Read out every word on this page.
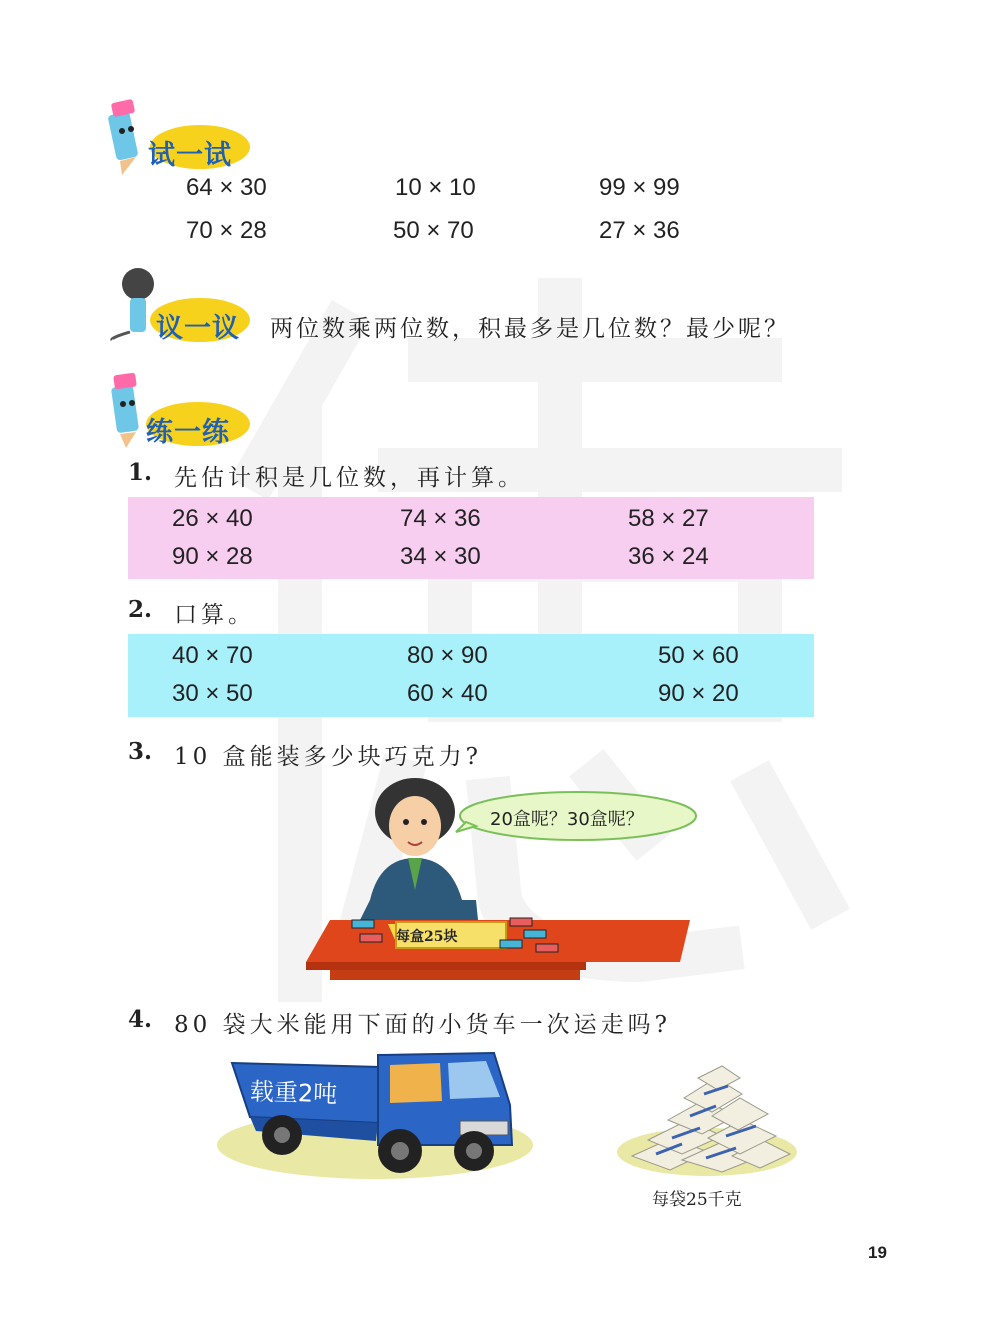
试一试
64 × 30	10 × 10	99 × 99
70 × 28	50 × 70	27 × 36
议一议 两位数乘两位数，积最多是几位数？最少呢？
练一练
1. 先估计积是几位数，再计算。
26 × 40	74 × 36	58 × 27
90 × 28	34 × 30	36 × 24
2. 口算。
40 × 70	80 × 90	50 × 60
30 × 50	60 × 40	90 × 20
3. 10 盒能装多少块巧克力?
20盒呢？30盒呢？
每盒25块
4. 80 袋大米能用下面的小货车一次运走吗?
载重2吨
每袋25千克
19
